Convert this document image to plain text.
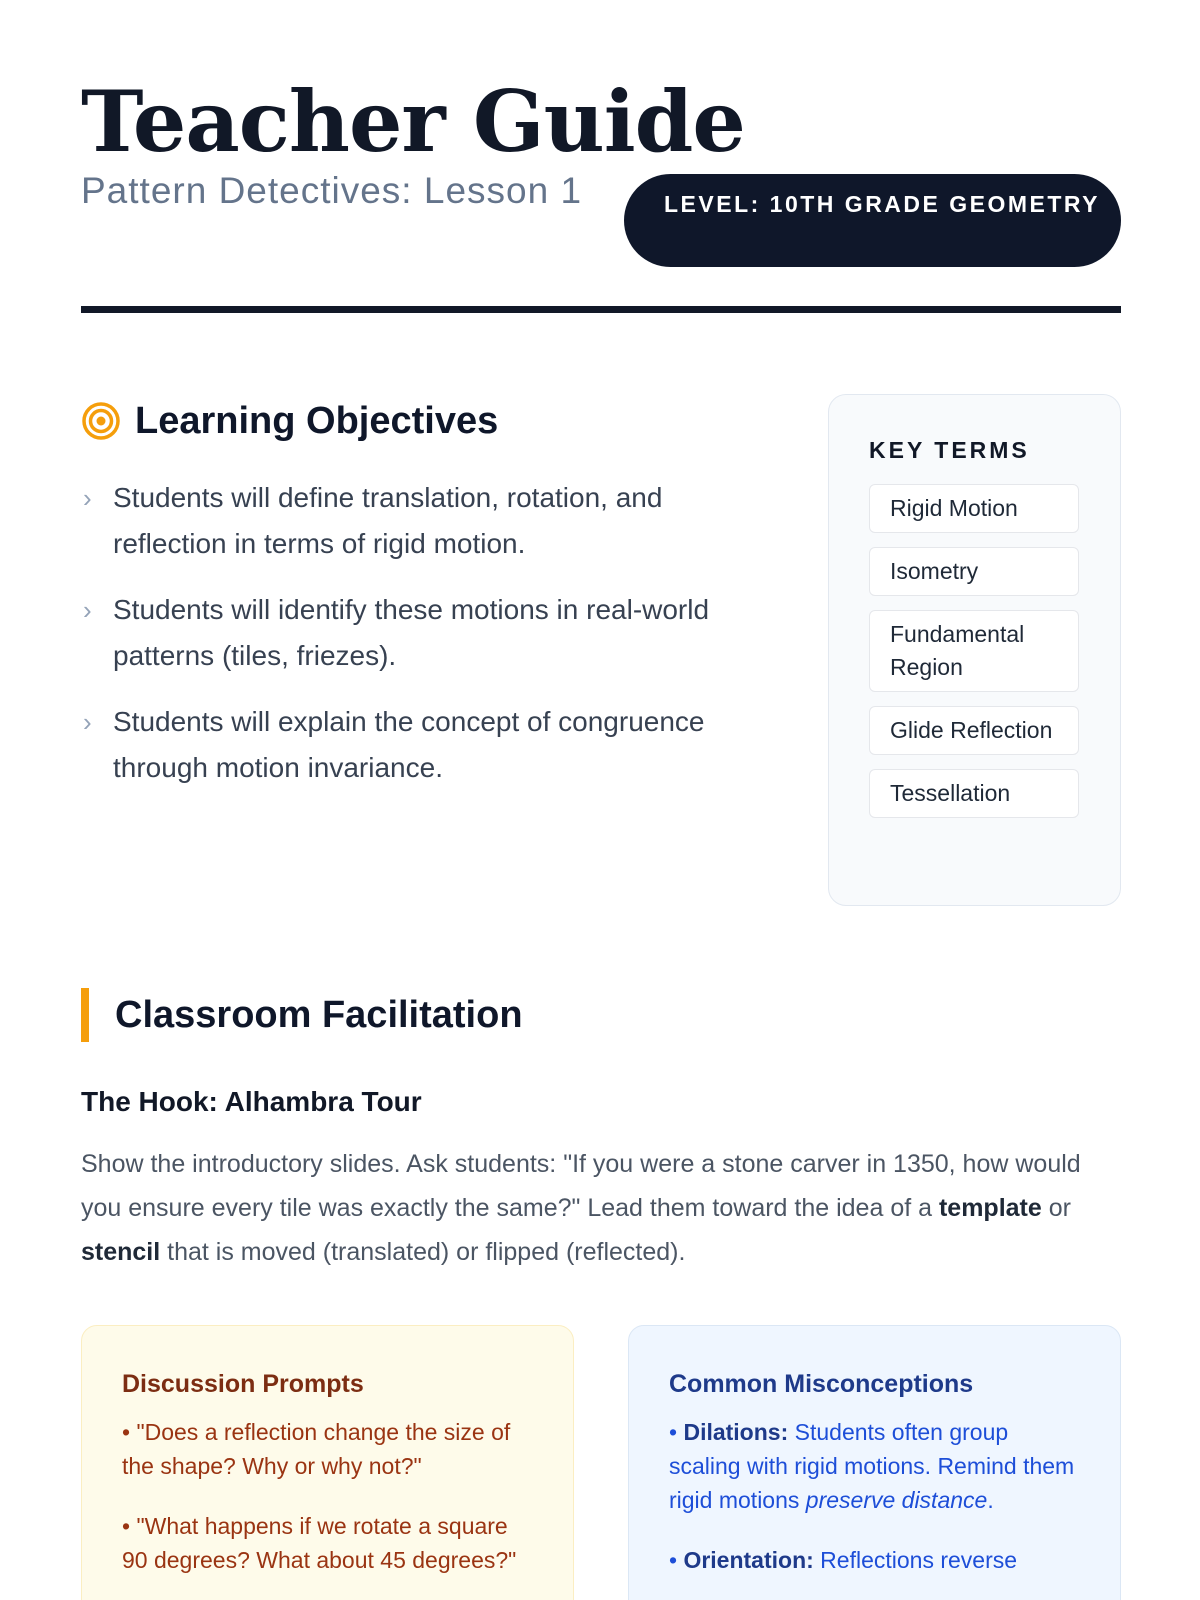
Teacher Guide
Pattern Detectives: Lesson 1	LEVEL: 10TH GRADE GEOMETRY
Learning Objectives
› Students will define translation, rotation, and reflection in terms of rigid motion.
› Students will identify these motions in real-world patterns (tiles, friezes).
› Students will explain the concept of congruence through motion invariance.
KEY TERMS
Rigid Motion
Isometry
Fundamental Region
Glide Reflection
Tessellation
Classroom Facilitation
The Hook: Alhambra Tour

Show the introductory slides. Ask students: "If you were a stone carver in 1350, how would you ensure every tile was exactly the same?" Lead them toward the idea of a template or stencil that is moved (translated) or flipped (reflected).

Discussion Prompts
• "Does a reflection change the size of the shape? Why or why not?"
• "What happens if we rotate a square 90 degrees? What about 45 degrees?"
Common Misconceptions
• Dilations: Students often group scaling with rigid motions. Remind them rigid motions preserve distance.
• Orientation: Reflections reverse
